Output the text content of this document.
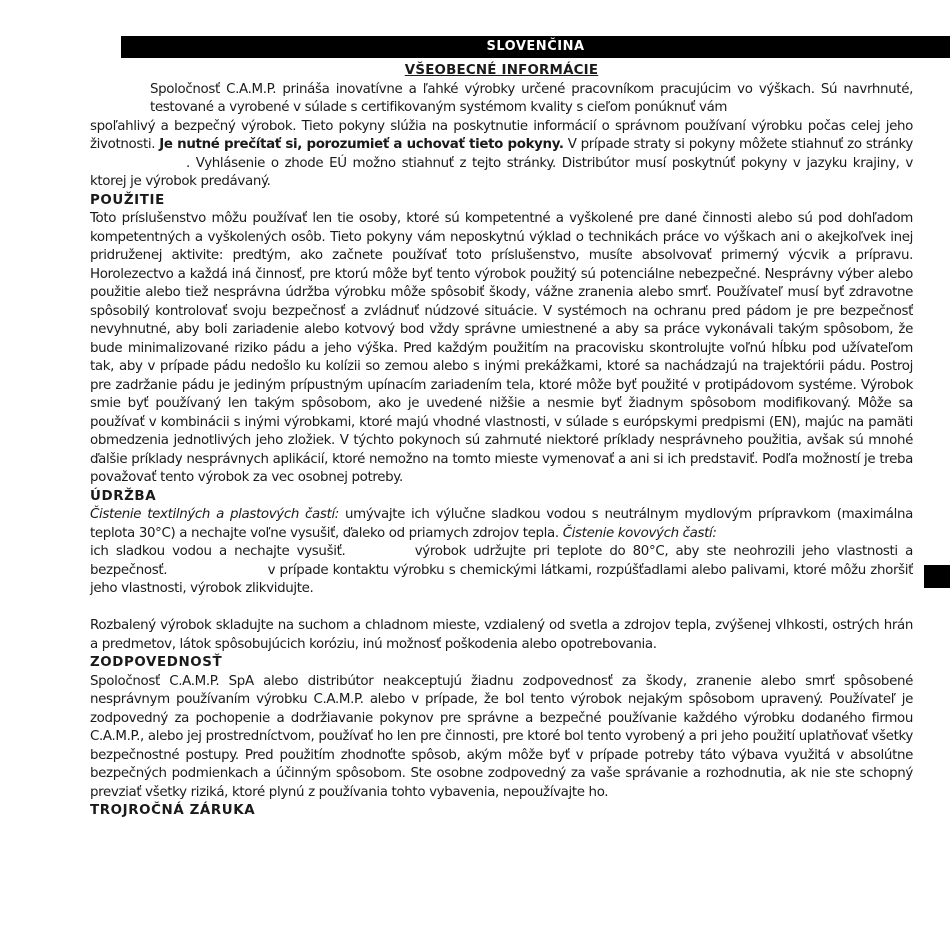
SLOVENČINA
VŠEOBECNÉ INFORMÁCIE

Spoločnosť C.A.M.P. prináša inovatívne a ľahké výrobky určené pracovníkom pracujúcim vo výškach. Sú navrhnuté, testované a vyrobené v súlade s certifikovaným systémom kvality s cieľom ponúknuť vám

spoľahlivý a bezpečný výrobok. Tieto pokyny slúžia na poskytnutie informácií o správnom používaní výrobku počas celej jeho životnosti. Je nutné prečítať si, porozumieť a uchovať tieto pokyny. V prípade straty si pokyny môžete stiahnuť zo stránky. Vyhlásenie o zhode EÚ možno stiahnuť z tejto stránky. Distribútor musí poskytnúť pokyny v jazyku krajiny, v ktorej je výrobok predávaný.

POUŽITIE

Toto príslušenstvo môžu používať len tie osoby, ktoré sú kompetentné a vyškolené pre dané činnosti alebo sú pod dohľadom kompetentných a vyškolených osôb. Tieto pokyny vám neposkytnú výklad o technikách práce vo výškach ani o akejkoľvek inej pridruženej aktivite: predtým, ako začnete používať toto príslušenstvo, musíte absolvovať primerný výcvik a prípravu. Horolezectvo a každá iná činnosť, pre ktorú môže byť tento výrobok použitý sú potenciálne nebezpečné. Nesprávny výber alebo použitie alebo tiež nesprávna údržba výrobku môže spôsobiť škody, vážne zranenia alebo smrť. Používateľ musí byť zdravotne spôsobilý kontrolovať svoju bezpečnosť a zvládnuť núdzové situácie. V systémoch na ochranu pred pádom je pre bezpečnosť nevyhnutné, aby boli zariadenie alebo kotvový bod vždy správne umiestnené a aby sa práce vykonávali takým spôsobom, že bude minimalizované riziko pádu a jeho výška. Pred každým použitím na pracovisku skontrolujte voľnú hĺbku pod užívateľom tak, aby v prípade pádu nedošlo ku kolízii so zemou alebo s inými prekážkami, ktoré sa nachádzajú na trajektórii pádu. Postroj pre zadržanie pádu je jediným prípustným upínacím zariadením tela, ktoré môže byť použité v protipádovom systéme. Výrobok smie byť používaný len takým spôsobom, ako je uvedené nižšie a nesmie byť žiadnym spôsobom modifikovaný. Môže sa používať v kombinácii s inými výrobkami, ktoré majú vhodné vlastnosti, v súlade s európskymi predpismi (EN), majúc na pamäti obmedzenia jednotlivých jeho zložiek. V týchto pokynoch sú zahrnuté niektoré príklady nesprávneho použitia, avšak sú mnohé ďalšie príklady nesprávnych aplikácií, ktoré nemožno na tomto mieste vymenovať a ani si ich predstaviť. Podľa možností je treba považovať tento výrobok za vec osobnej potreby.

ÚDRŽBA

Čistenie textilných a plastových častí: umývajte ich výlučne sladkou vodou s neutrálnym mydlovým prípravkom (maximálna teplota 30°C) a nechajte voľne vysušiť, ďaleko od priamych zdrojov tepla. Čistenie kovových častí:
ich sladkou vodou a nechajte vysušiť.	výrobok udržujte pri teplote do 80°C, aby ste neohrozili jeho vlastnosti a bezpečnosť.	v prípade kontaktu výrobku s chemickými látkami, rozpúšťadlami alebo palivami, ktoré môžu zhoršiť jeho vlastnosti, výrobok zlikvidujte.

Rozbalený výrobok skladujte na suchom a chladnom mieste, vzdialený od svetla a zdrojov tepla, zvýšenej vlhkosti, ostrých hrán a predmetov, látok spôsobujúcich koróziu, inú možnosť poškodenia alebo opotrebovania.

ZODPOVEDNOSŤ

Spoločnosť C.A.M.P. SpA alebo distribútor neakceptujú žiadnu zodpovednosť za škody, zranenie alebo smrť spôsobené nesprávnym používaním výrobku C.A.M.P. alebo v prípade, že bol tento výrobok nejakým spôsobom upravený. Používateľ je zodpovedný za pochopenie a dodržiavanie pokynov pre správne a bezpečné používanie každého výrobku dodaného firmou C.A.M.P., alebo jej prostredníctvom, používať ho len pre činnosti, pre ktoré bol tento vyrobený a pri jeho použití uplatňovať všetky bezpečnostné postupy. Pred použitím zhodnoťte spôsob, akým môže byť v prípade potreby táto výbava využitá v absolútne bezpečných podmienkach a účinným spôsobom. Ste osobne zodpovedný za vaše správanie a rozhodnutia, ak nie ste schopný prevziať všetky riziká, ktoré plynú z používania tohto vybavenia, nepoužívajte ho.

TROJROČNÁ ZÁRUKA
